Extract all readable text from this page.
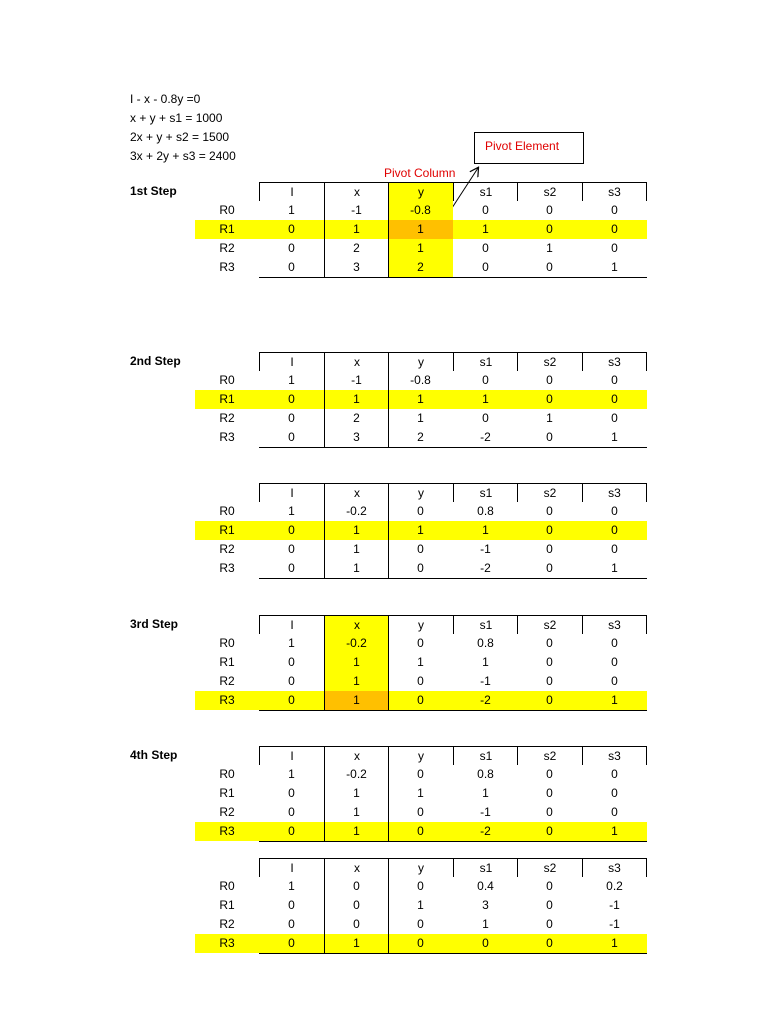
I - x - 0.8y =0
x + y + s1 = 1000
2x + y + s2 = 1500
3x + 2y + s3 = 2400
Pivot Element
Pivot Column
I	x	y	s1	s2	s3
R0	1	-1	-0.8	0	0	0
R1	0	1	1	1	0	0
R2	0	2	1	0	1	0
R3	0	3	2	0	0	1
I	x	y	s1	s2	s3
R0	1	-1	-0.8	0	0	0
R1	0	1	1	1	0	0
R2	0	2	1	0	1	0
R3	0	3	2	-2	0	1
I	x	y	s1	s2	s3
R0	1	-0.2	0	0.8	0	0
R1	0	1	1	1	0	0
R2	0	1	0	-1	0	0
R3	0	1	0	-2	0	1
I	x	y	s1	s2	s3
R0	1	-0.2	0	0.8	0	0
R1	0	1	1	1	0	0
R2	0	1	0	-1	0	0
R3	0	1	0	-2	0	1
I	x	y	s1	s2	s3
R0	1	-0.2	0	0.8	0	0
R1	0	1	1	1	0	0
R2	0	1	0	-1	0	0
R3	0	1	0	-2	0	1
I	x	y	s1	s2	s3
R0	1	0	0	0.4	0	0.2
R1	0	0	1	3	0	-1
R2	0	0	0	1	0	-1
R3	0	1	0	0	0	1
1st Step
2nd Step
3rd Step
4th Step
